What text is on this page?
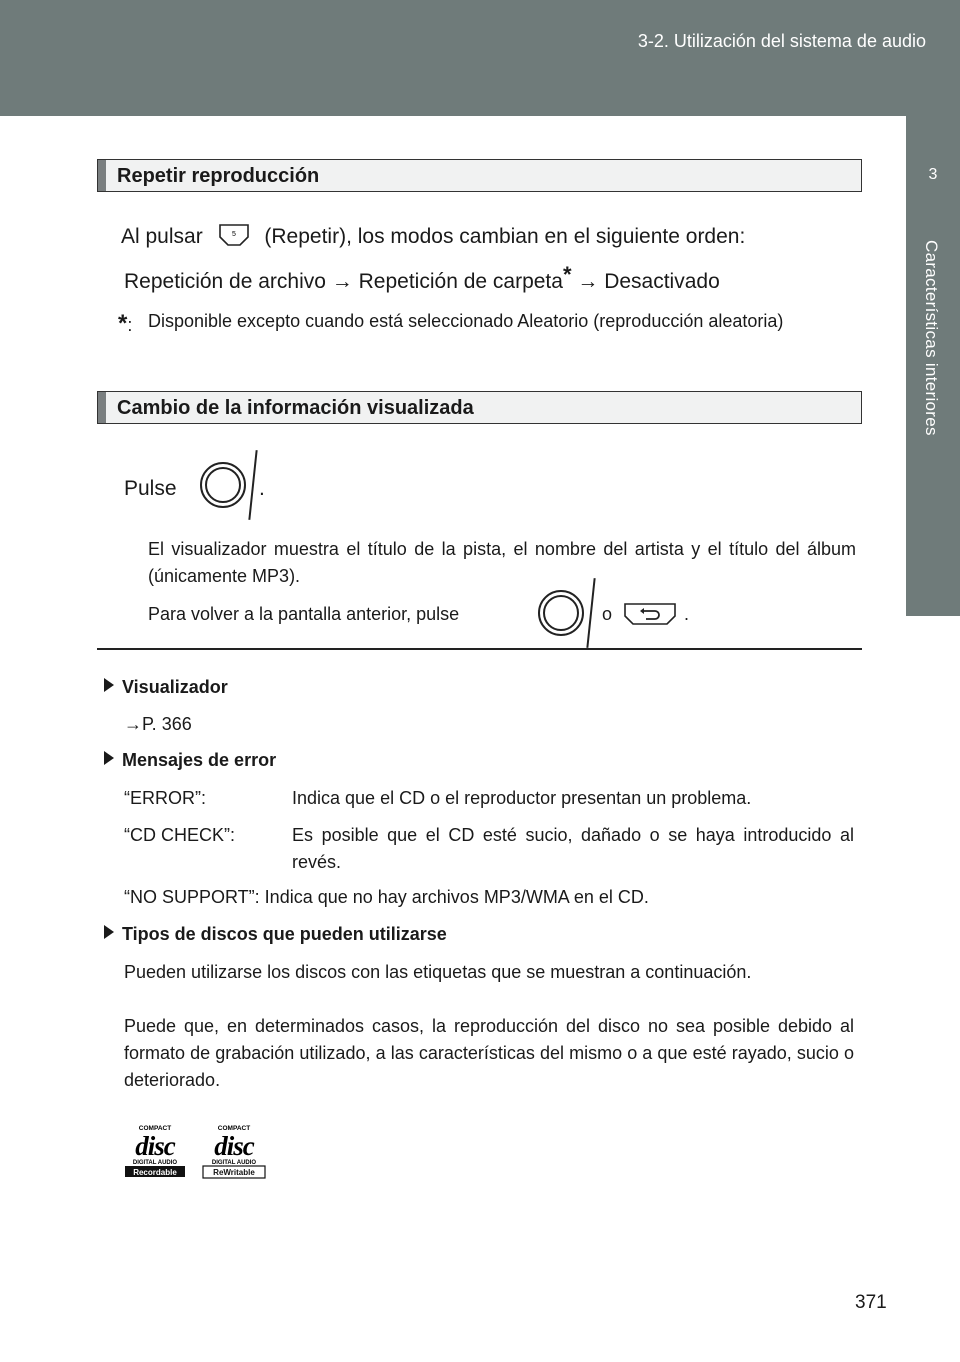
3-2. Utilización del sistema de audio
3
Características interiores
Repetir reproducción
Al pulsar	5 (Repetir), los modos cambian en el siguiente orden:
Repetición de archivo → Repetición de carpeta* → Desactivado
*: Disponible excepto cuando está seleccionado Aleatorio (reproducción aleatoria)
Cambio de la información visualizada
Pulse	.
El visualizador muestra el título de la pista, el nombre del artista y el título del álbum (únicamente MP3).
Para volver a la pantalla anterior, pulse	o	.
Visualizador
→P. 366
Mensajes de error
“ERROR”:	Indica que el CD o el reproductor presentan un problema.
“CD CHECK”:	Es posible que el CD esté sucio, dañado o se haya introducido al revés.
“NO SUPPORT”: Indica que no hay archivos MP3/WMA en el CD.
Tipos de discos que pueden utilizarse
Pueden utilizarse los discos con las etiquetas que se muestran a continuación.
Puede que, en determinados casos, la reproducción del disco no sea posible debido al formato de grabación utilizado, a las características del mismo o a que esté rayado, sucio o deteriorado.
COMPACT
disc
DIGITAL AUDIO
Recordable
COMPACT
disc
DIGITAL AUDIO
ReWritable
371
